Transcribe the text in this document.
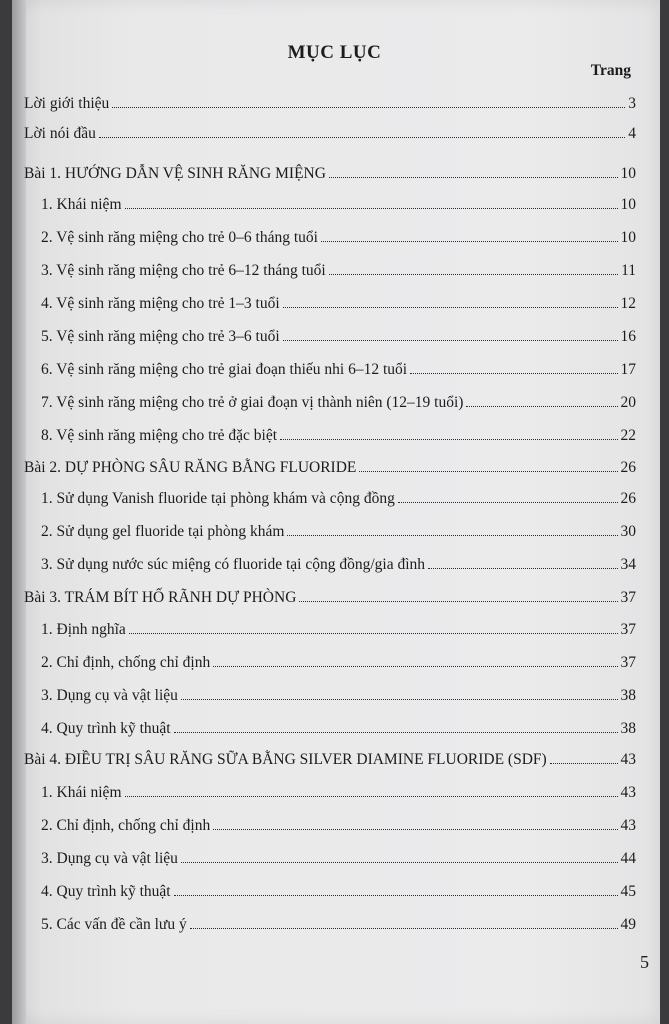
MỤC LỤC
Trang
Lời giới thiệu	3
Lời nói đầu	4
Bài 1. HƯỚNG DẪN VỆ SINH RĂNG MIỆNG	10
1. Khái niệm	10
2. Vệ sinh răng miệng cho trẻ 0–6 tháng tuổi	10
3. Vệ sinh răng miệng cho trẻ 6–12 tháng tuổi	11
4. Vệ sinh răng miệng cho trẻ 1–3 tuổi	12
5. Vệ sinh răng miệng cho trẻ 3–6 tuổi	16
6. Vệ sinh răng miệng cho trẻ giai đoạn thiếu nhi 6–12 tuổi	17
7. Vệ sinh răng miệng cho trẻ ở giai đoạn vị thành niên (12–19 tuổi)	20
8. Vệ sinh răng miệng cho trẻ đặc biệt	22
Bài 2. DỰ PHÒNG SÂU RĂNG BẰNG FLUORIDE	26
1. Sử dụng Vanish fluoride tại phòng khám và cộng đồng	26
2. Sử dụng gel fluoride tại phòng khám	30
3. Sử dụng nước súc miệng có fluoride tại cộng đồng/gia đình	34
Bài 3. TRÁM BÍT HỐ RÃNH DỰ PHÒNG	37
1. Định nghĩa	37
2. Chỉ định, chống chỉ định	37
3. Dụng cụ và vật liệu	38
4. Quy trình kỹ thuật	38
Bài 4. ĐIỀU TRỊ SÂU RĂNG SỮA BẰNG SILVER DIAMINE FLUORIDE (SDF)	43
1. Khái niệm	43
2. Chỉ định, chống chỉ định	43
3. Dụng cụ và vật liệu	44
4. Quy trình kỹ thuật	45
5. Các vấn đề cần lưu ý	49
5
